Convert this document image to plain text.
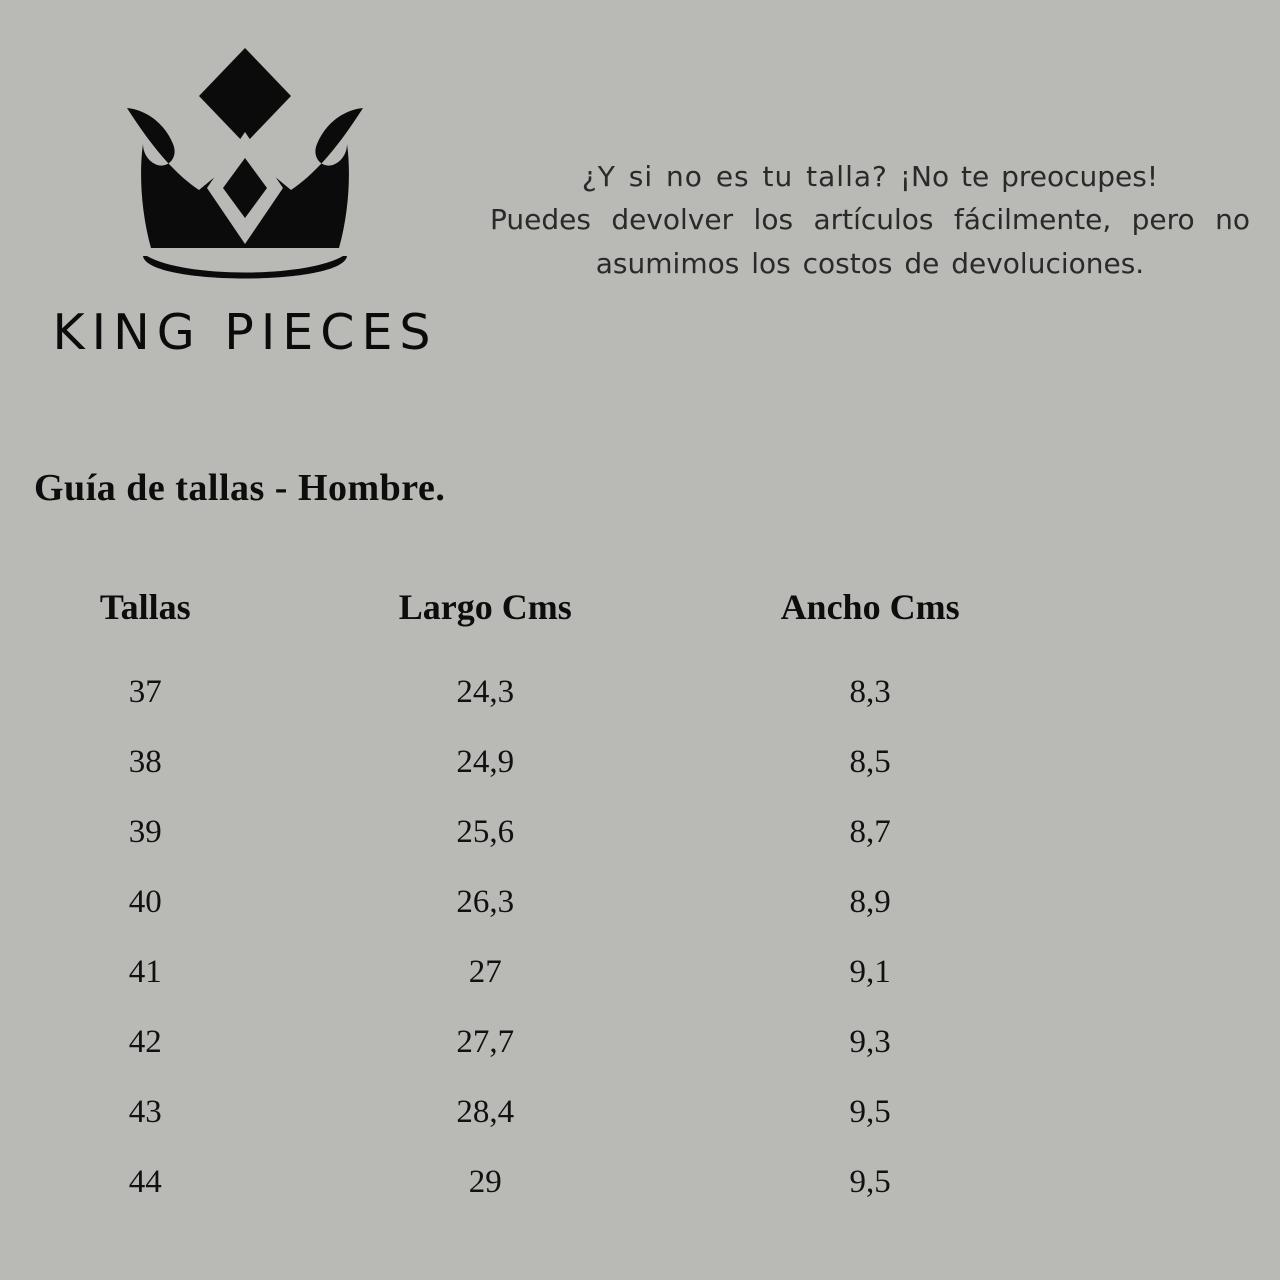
KING PIECES
¿Y si no es tu talla? ¡No te preocupes!
Puedes devolver los artículos fácilmente, pero no asumimos los costos de devoluciones.
Guía de tallas - Hombre.
Tallas	Largo Cms	Ancho Cms
37	24,3	8,3
38	24,9	8,5
39	25,6	8,7
40	26,3	8,9
41	27	9,1
42	27,7	9,3
43	28,4	9,5
44	29	9,5
